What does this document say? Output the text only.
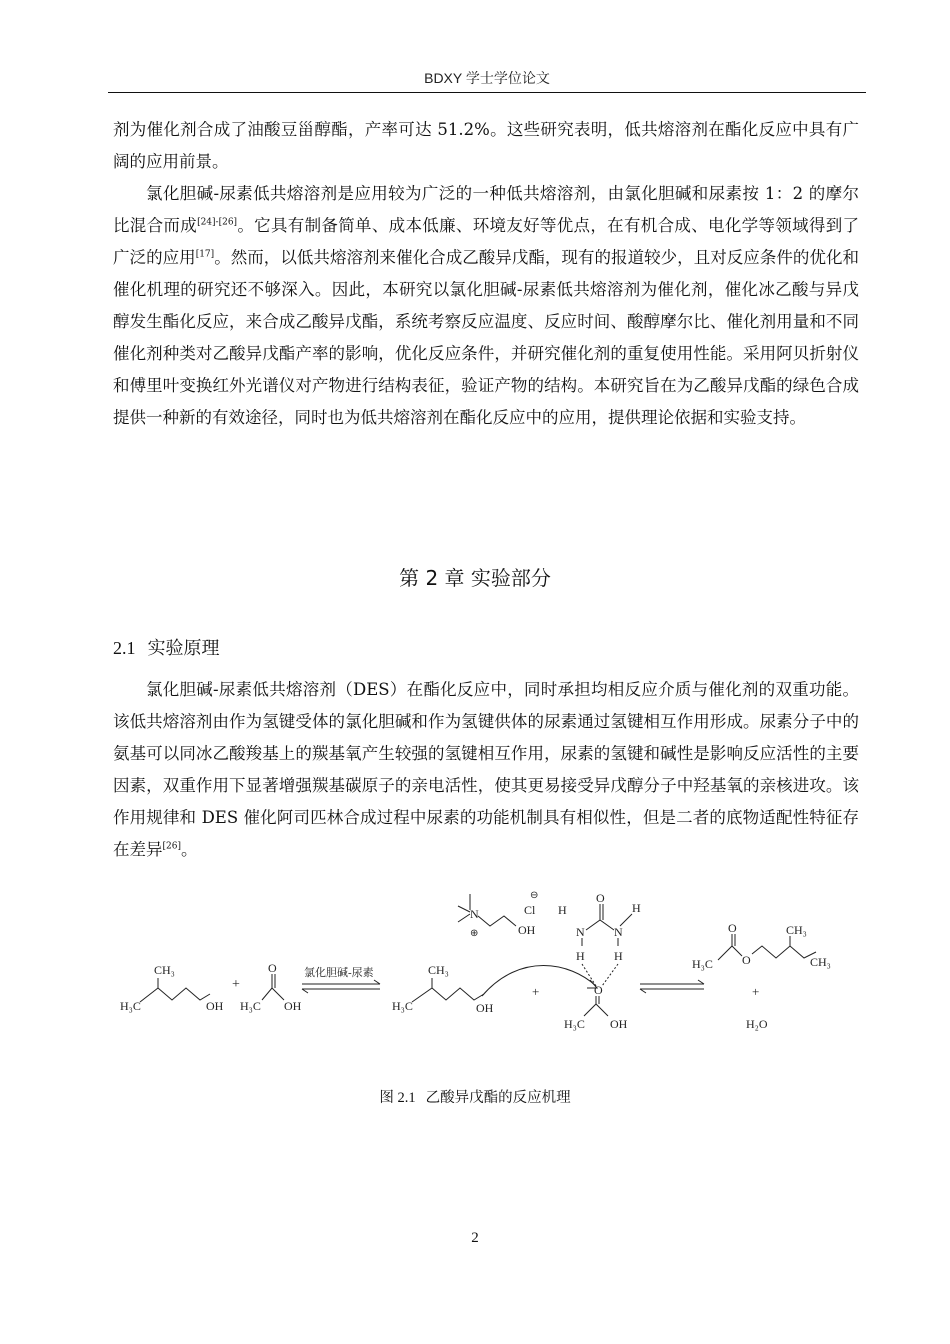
BDXY 学士学位论文

剂为催化剂合成了油酸豆甾醇酯，产率可达 51.2%。这些研究表明，低共熔溶剂在酯化反应中具有广阔的应用前景。

氯化胆碱-尿素低共熔溶剂是应用较为广泛的一种低共熔溶剂，由氯化胆碱和尿素按 1：2 的摩尔比混合而成[24]-[26]。它具有制备简单、成本低廉、环境友好等优点，在有机合成、电化学等领域得到了广泛的应用[17]。然而，以低共熔溶剂来催化合成乙酸异戊酯，现有的报道较少，且对反应条件的优化和催化机理的研究还不够深入。因此，本研究以氯化胆碱-尿素低共熔溶剂为催化剂，催化冰乙酸与异戊醇发生酯化反应，来合成乙酸异戊酯，系统考察反应温度、反应时间、酸醇摩尔比、催化剂用量和不同催化剂种类对乙酸异戊酯产率的影响，优化反应条件，并研究催化剂的重复使用性能。采用阿贝折射仪和傅里叶变换红外光谱仪对产物进行结构表征，验证产物的结构。本研究旨在为乙酸异戊酯的绿色合成提供一种新的有效途径，同时也为低共熔溶剂在酯化反应中的应用，提供理论依据和实验支持。

第 2 章 实验部分
2.1 实验原理

氯化胆碱-尿素低共熔溶剂（DES）在酯化反应中，同时承担均相反应介质与催化剂的双重功能。该低共熔溶剂由作为氢键受体的氯化胆碱和作为氢键供体的尿素通过氢键相互作用形成。尿素分子中的氨基可以同冰乙酸羧基上的羰基氧产生较强的氢键相互作用，尿素的氢键和碱性是影响反应活性的主要因素，双重作用下显著增强羰基碳原子的亲电活性，使其更易接受异戊醇分子中羟基氧的亲核进攻。该作用规律和 DES 催化阿司匹林合成过程中尿素的功能机制具有相似性，但是二者的底物适配性特征存在差异[26]。

CH₃
H₃C	OH
+
O
H₃C OH
氯化胆碱-尿素	CH₃
H₃C	OH
N
⊕	OH
⊖
Cl H
O
N N
H
H H
+	O
H₃C OH
O
O
H₃C
CH₃
CH₃
+
H₂O
图 2.1 乙酸异戊酯的反应机理
2
